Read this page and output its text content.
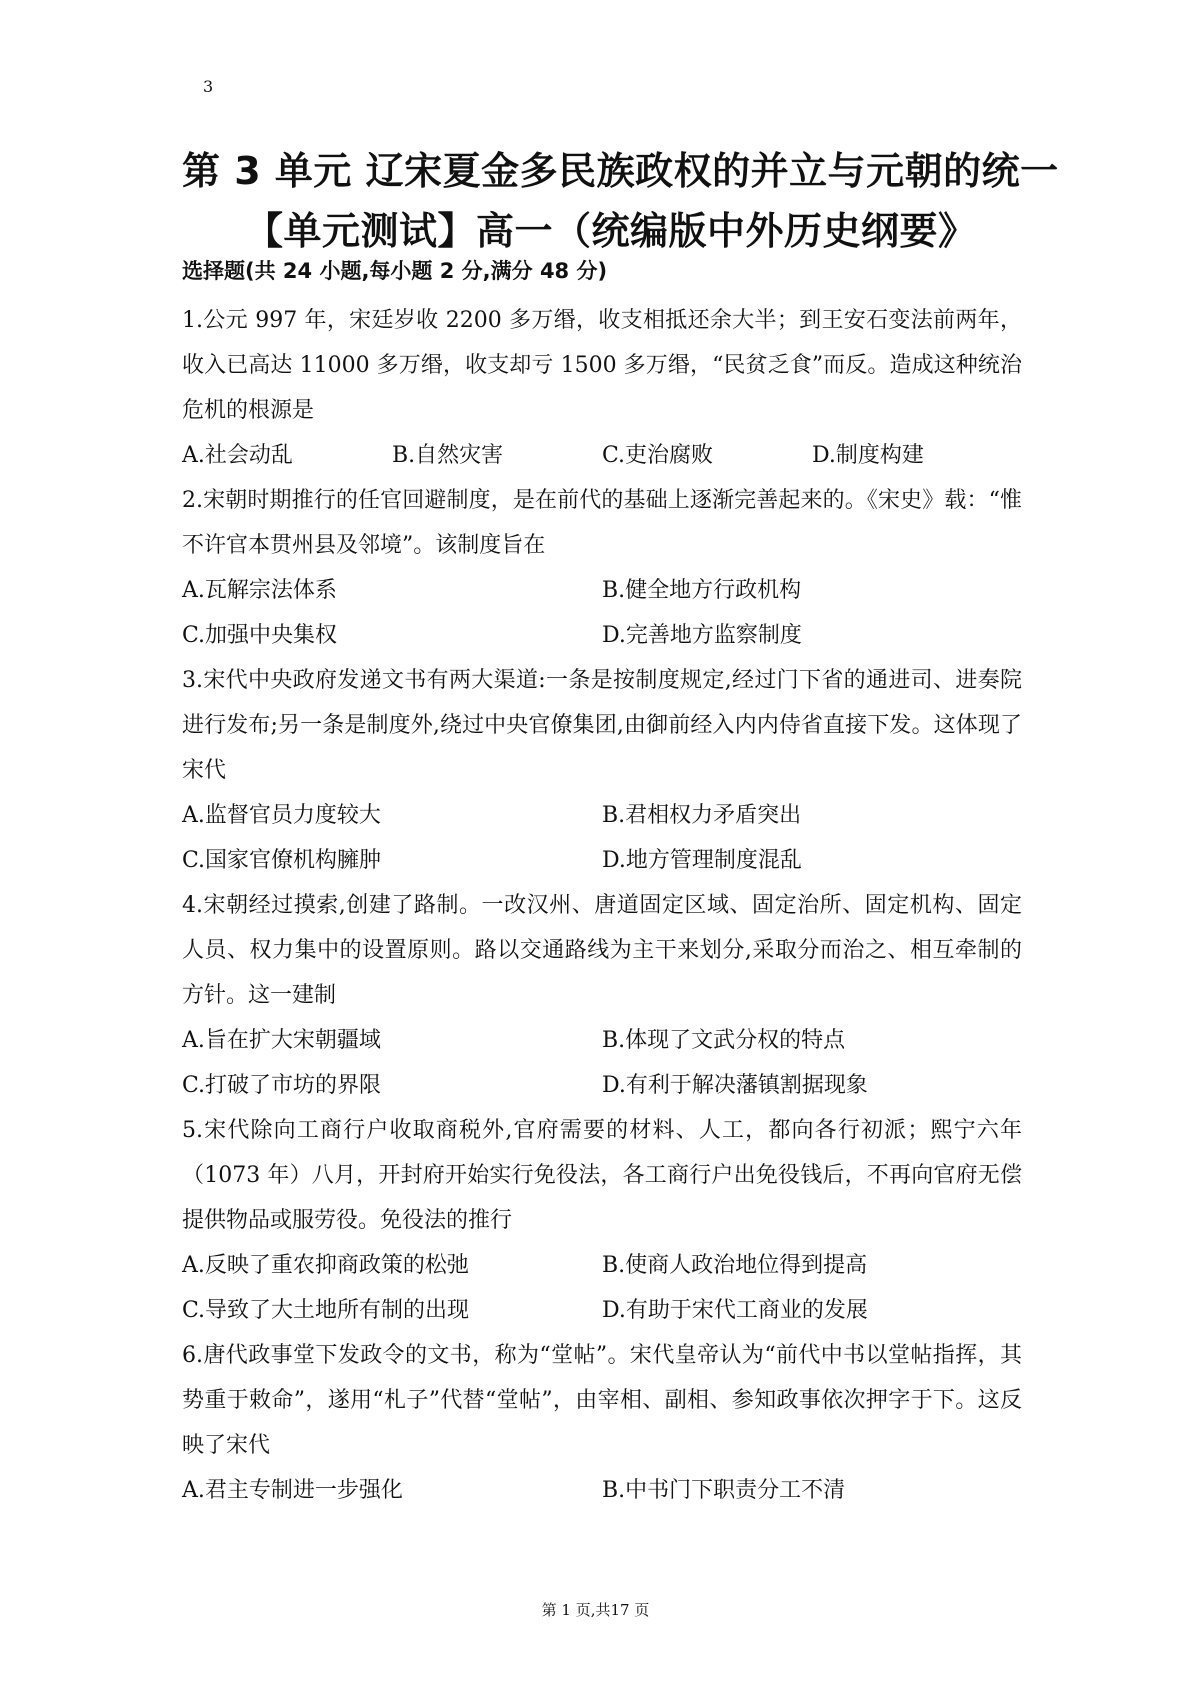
3
第 3 单元 辽宋夏金多民族政权的并立与元朝的统一
【单元测试】高一（统编版中外历史纲要》
选择题(共 24 小题,每小题 2 分,满分 48 分)

1.公元 997 年，宋廷岁收 2200 多万缗，收支相抵还余大半；到王安石变法前两年，收入已高达 11000 多万缗，收支却亏 1500 多万缗，“民贫乏食”而反。造成这种统治危机的根源是

A.社会动乱	B.自然灾害	C.吏治腐败	D.制度构建

2.宋朝时期推行的任官回避制度，是在前代的基础上逐渐完善起来的。《宋史》载：“惟不许官本贯州县及邻境”。该制度旨在

A.瓦解宗法体系	B.健全地方行政机构
C.加强中央集权	D.完善地方监察制度

3.宋代中央政府发递文书有两大渠道:一条是按制度规定,经过门下省的通进司、进奏院进行发布;另一条是制度外,绕过中央官僚集团,由御前经入内内侍省直接下发。这体现了宋代

A.监督官员力度较大	B.君相权力矛盾突出
C.国家官僚机构臃肿	D.地方管理制度混乱

4.宋朝经过摸索,创建了路制。一改汉州、唐道固定区域、固定治所、固定机构、固定人员、权力集中的设置原则。路以交通路线为主干来划分,采取分而治之、相互牵制的方针。这一建制

A.旨在扩大宋朝疆域	B.体现了文武分权的特点
C.打破了市坊的界限	D.有利于解决藩镇割据现象

5.宋代除向工商行户收取商税外,官府需要的材料、人工，都向各行初派；熙宁六年（1073 年）八月，开封府开始实行免役法，各工商行户出免役钱后，不再向官府无偿提供物品或服劳役。免役法的推行

A.反映了重农抑商政策的松弛	B.使商人政治地位得到提高
C.导致了大土地所有制的出现	D.有助于宋代工商业的发展

6.唐代政事堂下发政令的文书，称为“堂帖”。宋代皇帝认为“前代中书以堂帖指挥，其势重于敕命”，遂用“札子”代替“堂帖”，由宰相、副相、参知政事依次押字于下。这反映了宋代

A.君主专制进一步强化	B.中书门下职责分工不清
第 1 页,共17 页
